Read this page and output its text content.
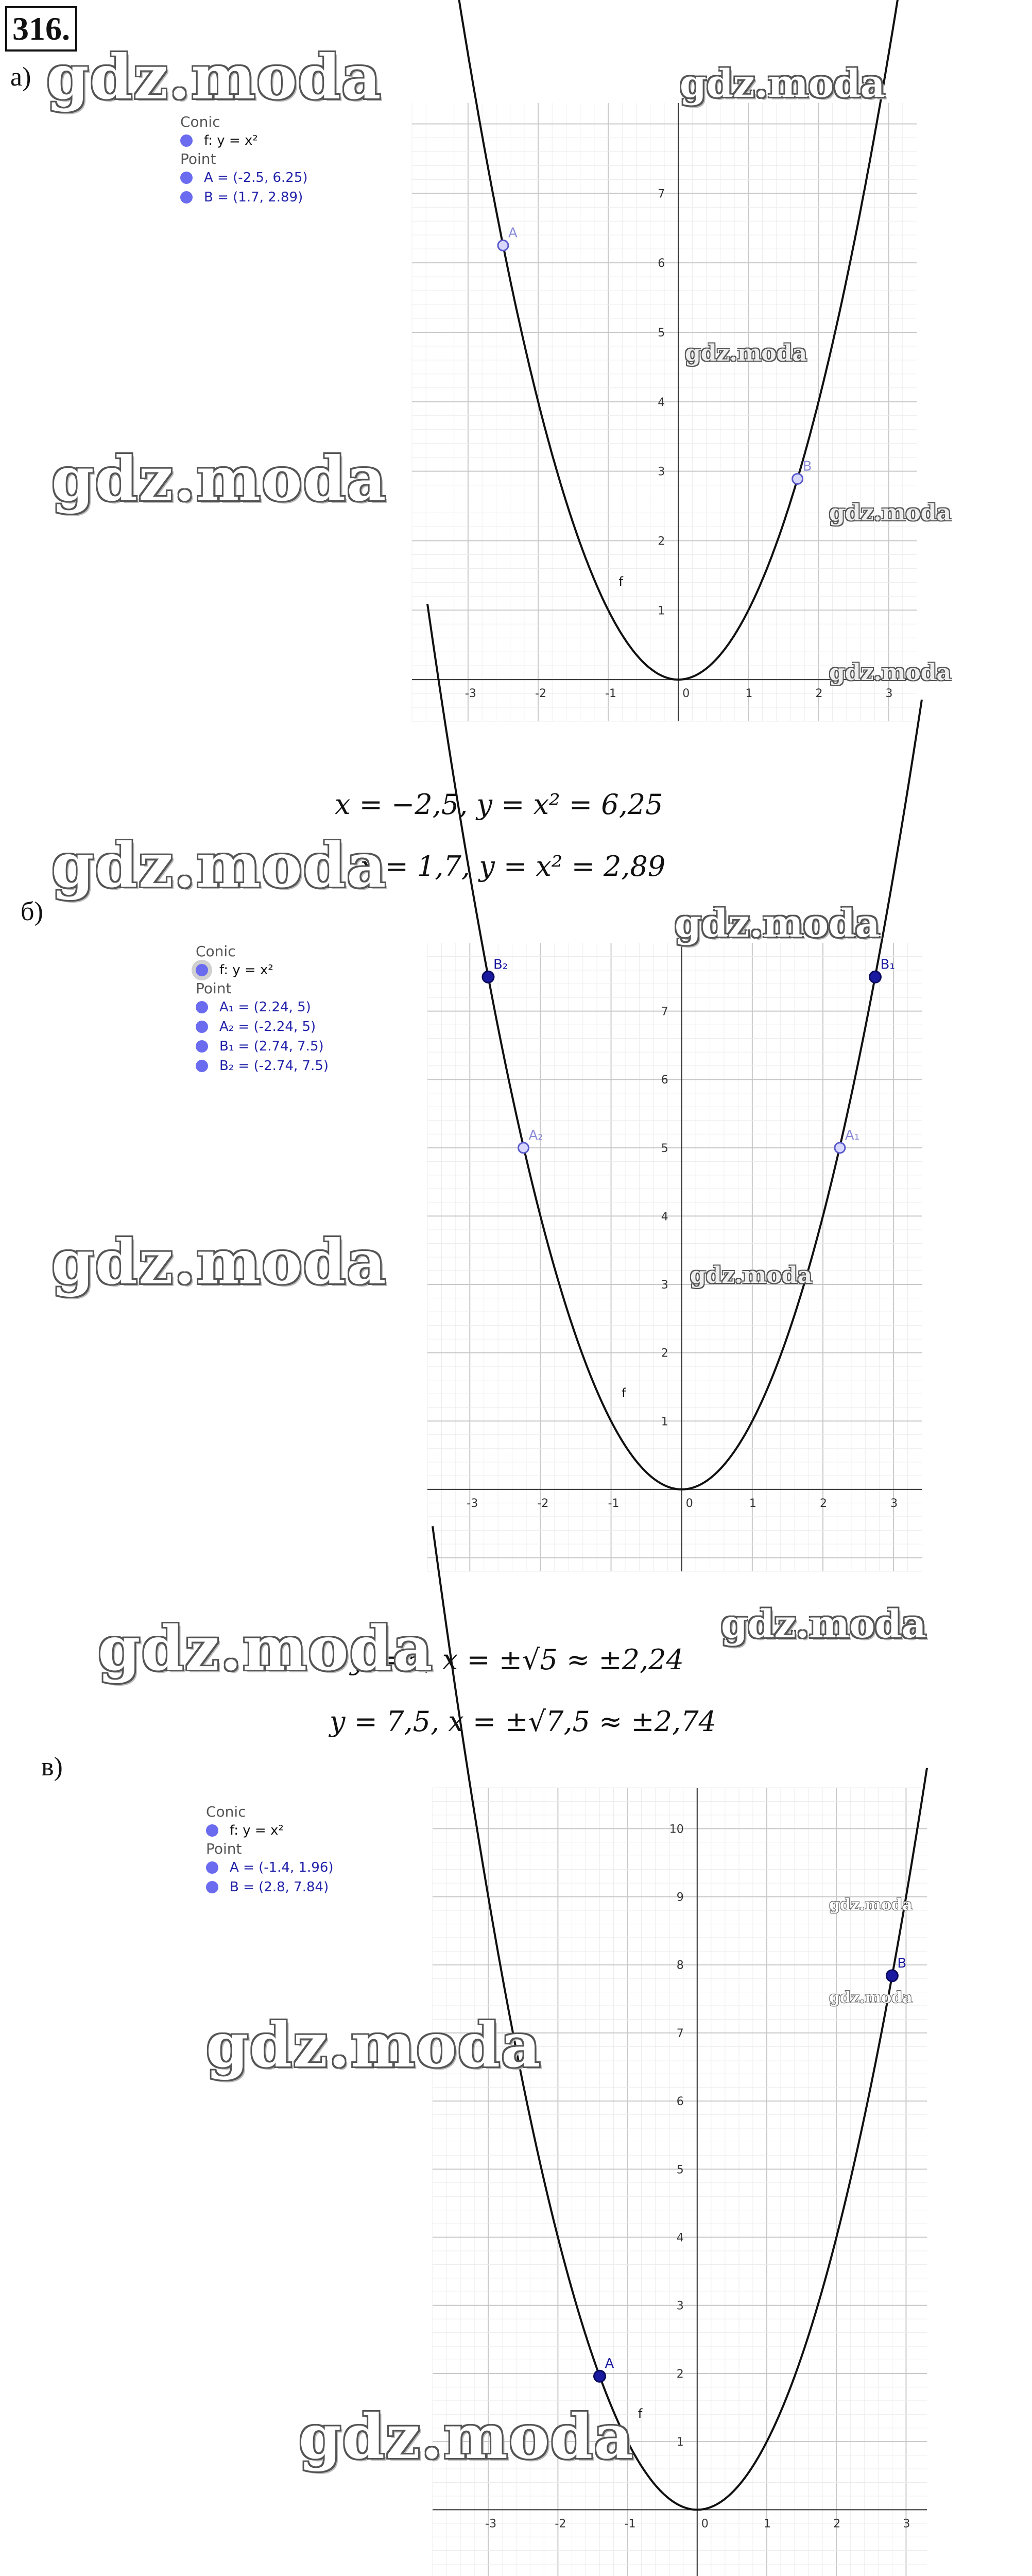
316.
а)
Conic
f: y = x²
Point
A = (-2.5, 6.25)
B = (1.7, 2.89)
-3	-2	-1	0	1	2	3
1
2
3
4
5
6
7
f
A
B
x = −2,5, y = x² = 6,25
x = 1,7, y = x² = 2,89
б)
Conic
f: y = x²
Point
A₁ = (2.24, 5)
A₂ = (-2.24, 5)
B₁ = (2.74, 7.5)
B₂ = (-2.74, 7.5)
-3	-2	-1	0	1	2	3
1
2
3
4
5
6
7
f
A₁
A₂
B₁
B₂
y = 5, x = ±√5 ≈ ±2,24
y = 7,5, x = ±√7,5 ≈ ±2,74
в)
Conic
f: y = x²
Point
A = (-1.4, 1.96)
B = (2.8, 7.84)
-3	-2	-1	0	1	2	3
1
2
3
4
5
6
7
8
9
10
f
A
B
gdz.moda	gdz.moda
gdz.moda
gdz.moda	gdz.moda
gdz.moda
gdz.moda
gdz.moda
gdz.moda
gdz.moda
gdz.moda
gdz.moda
gdz.moda
gdz.moda
gdz.moda
gdz.moda
